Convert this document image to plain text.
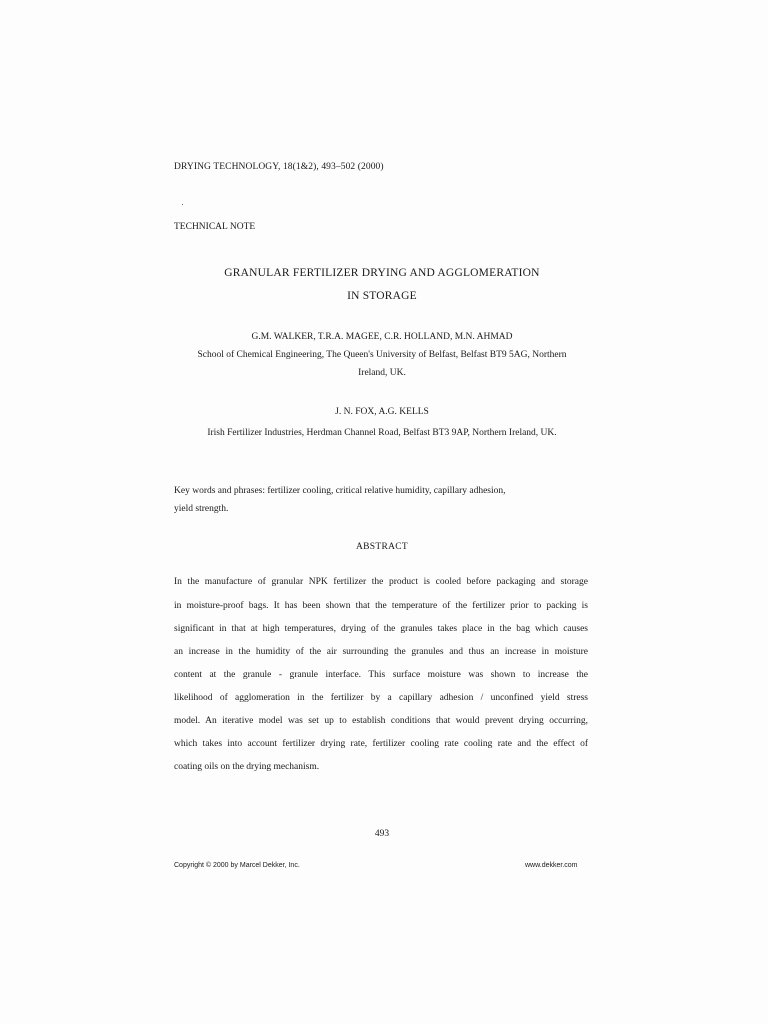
DRYING TECHNOLOGY, 18(1&2), 493–502 (2000)
TECHNICAL NOTE
GRANULAR FERTILIZER DRYING AND AGGLOMERATION
IN STORAGE
G.M. WALKER, T.R.A. MAGEE, C.R. HOLLAND, M.N. AHMAD
School of Chemical Engineering, The Queen's University of Belfast, Belfast BT9 5AG, Northern
Ireland, UK.
J. N. FOX, A.G. KELLS
Irish Fertilizer Industries, Herdman Channel Road, Belfast BT3 9AP, Northern Ireland, UK.
Key words and phrases: fertilizer cooling, critical relative humidity, capillary adhesion,
yield strength.
ABSTRACT
In the manufacture of granular NPK fertilizer the product is cooled before packaging and storage
in moisture-proof bags. It has been shown that the temperature of the fertilizer prior to packing is
significant in that at high temperatures, drying of the granules takes place in the bag which causes
an increase in the humidity of the air surrounding the granules and thus an increase in moisture
content at the granule - granule interface. This surface moisture was shown to increase the
likelihood of agglomeration in the fertilizer by a capillary adhesion / unconfined yield stress
model. An iterative model was set up to establish conditions that would prevent drying occurring,
which takes into account fertilizer drying rate, fertilizer cooling rate cooling rate and the effect of
coating oils on the drying mechanism.
493
Copyright © 2000 by Marcel Dekker, Inc.	www.dekker.com
